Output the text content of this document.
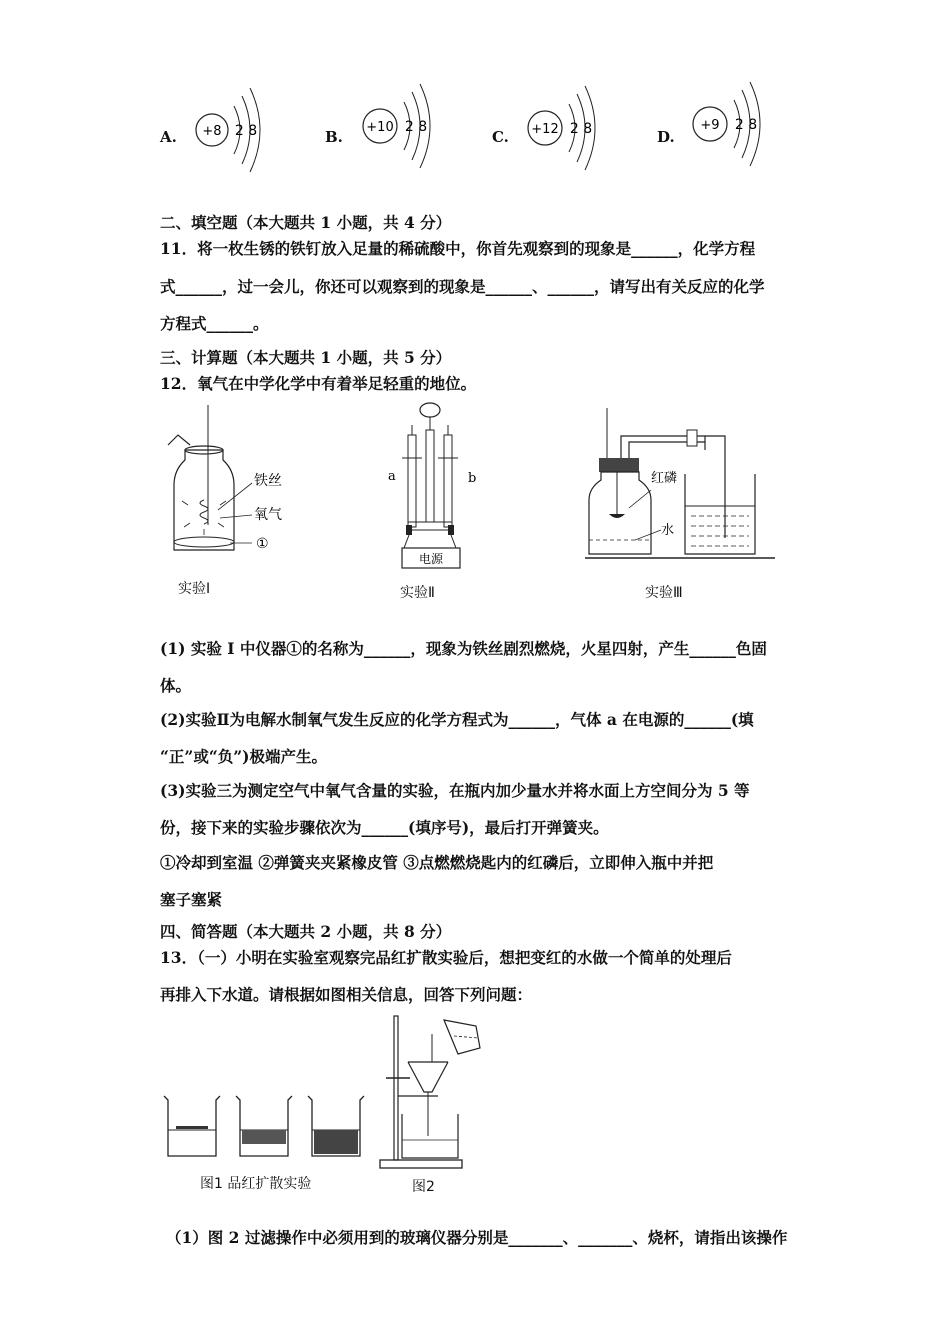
A. +8 2 8	B.
+10 2 8
C. +12 2 8	D.
+9 2 8
二、填空题（本大题共 1 小题，共 4 分）
11．将一枚生锈的铁钉放入足量的稀硫酸中，你首先观察到的现象是______，化学方程
式______，过一会儿，你还可以观察到的现象是______、______，请写出有关反应的化学
方程式______。
三、计算题（本大题共 1 小题，共 5 分）
12．氧气在中学化学中有着举足轻重的地位。
铁丝
氧气
①
实验Ⅰ
电源
a	b
实验Ⅱ
红磷
水
实验Ⅲ
(1) 实验 I 中仪器①的名称为______，现象为铁丝剧烈燃烧，火星四射，产生______色固
体。
(2)实验Ⅱ为电解水制氧气发生反应的化学方程式为______，气体 a 在电源的______(填
“正”或“负”)极端产生。
(3)实验三为测定空气中氧气含量的实验，在瓶内加少量水并将水面上方空间分为 5 等
份，接下来的实验步骤依次为______(填序号)，最后打开弹簧夹。
①冷却到室温 ②弹簧夹夹紧橡皮管 ③点燃燃烧匙内的红磷后，立即伸入瓶中并把
塞子塞紧
四、简答题（本大题共 2 小题，共 8 分）
13．（一）小明在实验室观察完品红扩散实验后，想把变红的水做一个简单的处理后
再排入下水道。请根据如图相关信息，回答下列问题：
图1 品红扩散实验	图2
（1）图 2 过滤操作中必须用到的玻璃仪器分别是_______、_______、烧杯，请指出该操作
